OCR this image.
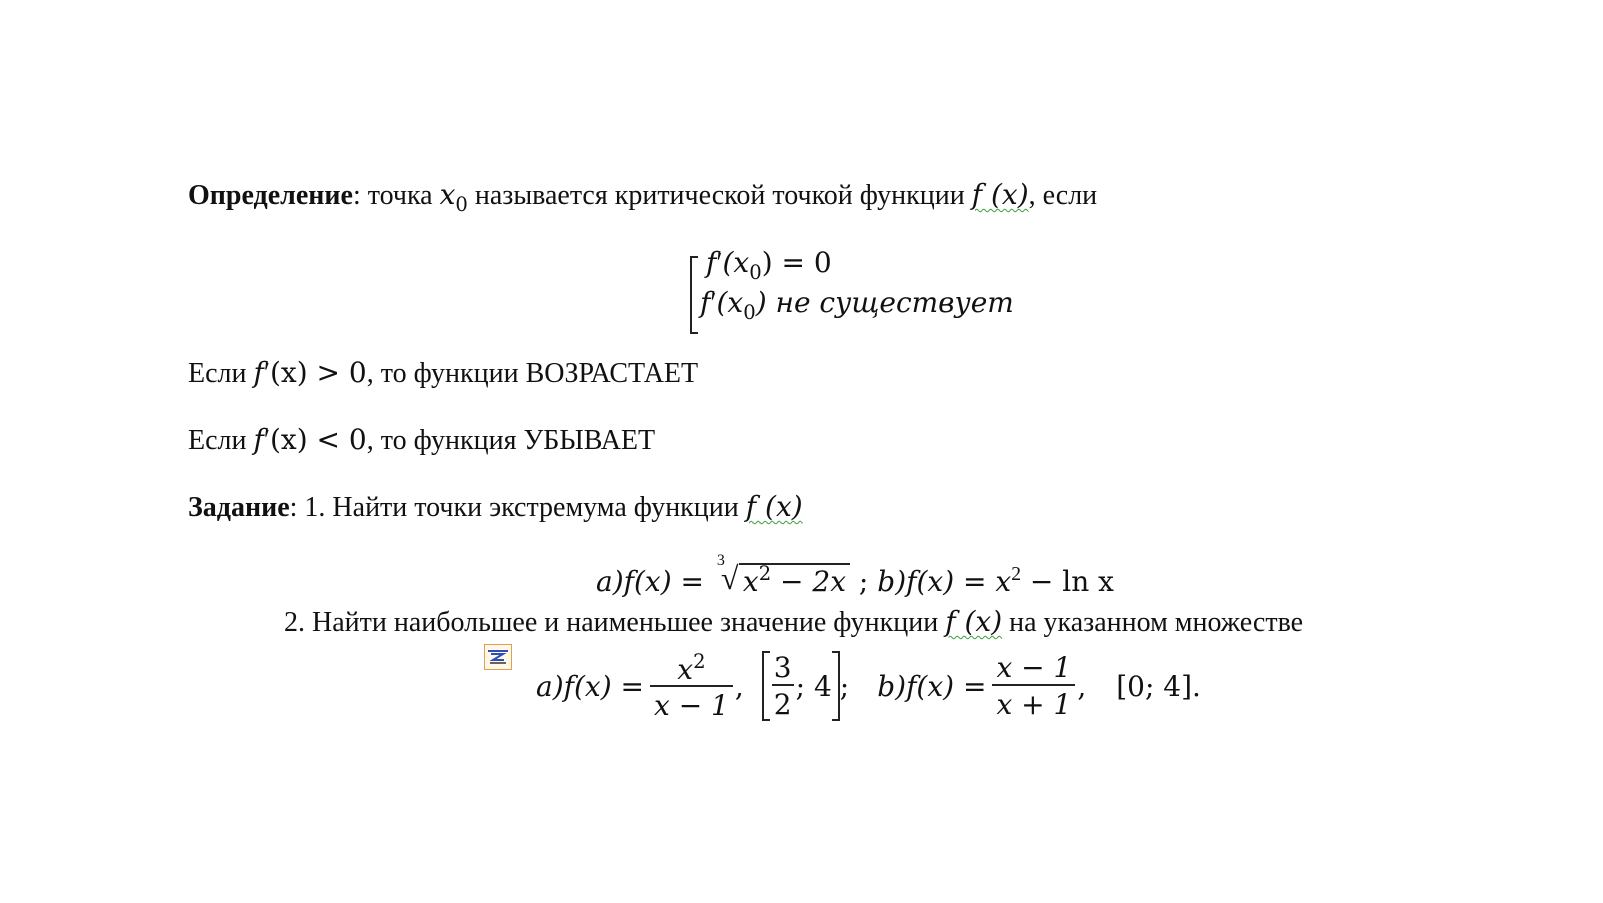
Определение: точка $x_0$ называется критической точкой функции f (x), если
$f'(x_0) = 0$
$f'(x_0)$ не существует
Если f′(x) > 0, то функции ВОЗРАСТАЕТ
Если f′(x) < 0, то функция УБЫВАЕТ
Задание: 1. Найти точки экстремума функции f (x)
a)f(x) =
3
√ $x^2 - 2x$ ; $b)f(x) = x^2 - \ln x$
2. Найти наибольшее и наименьшее значение функции f (x) на указанном множестве
a) $f(x) = \frac{x^2}{x - 1}$ , $\frac{3}{2}$ ; 4 ; b) $f(x) = \frac{x - 1}{x + 1}$ , [0; 4].
